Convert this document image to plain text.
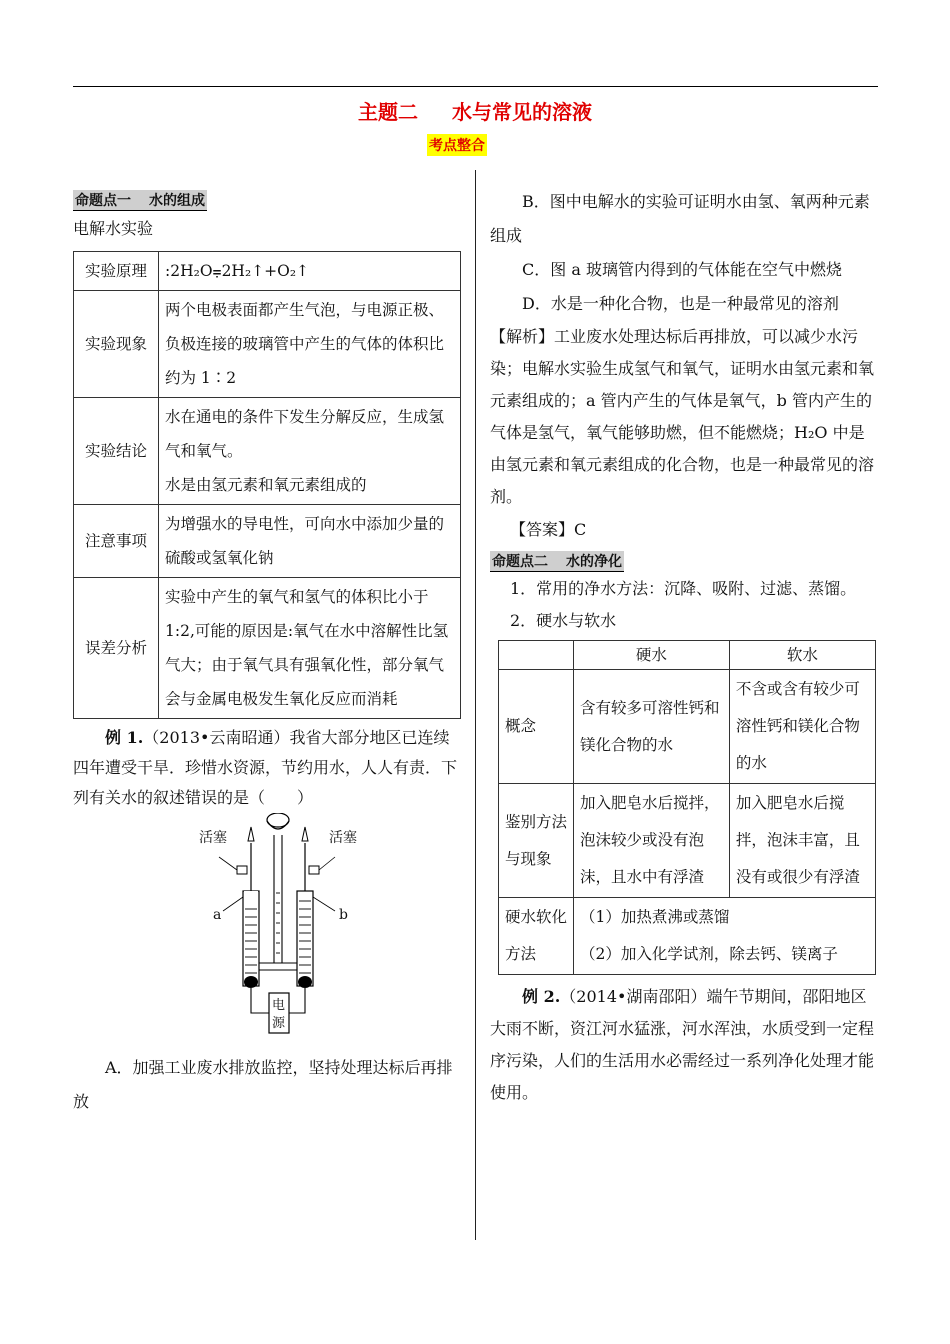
主题二 水与常见的溶液
考点整合
命题点一 水的组成

电解水实验

实验原理	:2H₂O⩦2H₂↑+O₂↑
实验现象	两个电极表面都产生气泡，与电源正极、负极连接的玻璃管中产生的气体的体积比约为 1∶2
实验结论	水在通电的条件下发生分解反应，生成氢气和氧气。
水是由氢元素和氧元素组成的

注意事项	为增强水的导电性，可向水中添加少量的硫酸或氢氧化钠
误差分析	实验中产生的氧气和氢气的体积比小于 1:2,可能的原因是:氧气在水中溶解性比氢气大；由于氧气具有强氧化性，部分氧气会与金属电极发生氧化反应而消耗

例 1.（2013•云南昭通）我省大部分地区已连续四年遭受干旱．珍惜水资源，节约用水，人人有责．下列有关水的叙述错误的是（　　）

活塞	活塞
a	b
电
源

A．加强工业废水排放监控，坚持处理达标后再排放

B．图中电解水的实验可证明水由氢、氧两种元素组成

C．图 a 玻璃管内得到的气体能在空气中燃烧

D．水是一种化合物，也是一种最常见的溶剂

【解析】工业废水处理达标后再排放，可以减少水污染；电解水实验生成氢气和氧气，证明水由氢元素和氧元素组成的；a 管内产生的气体是氧气，b 管内产生的气体是氢气，氧气能够助燃，但不能燃烧；H₂O 中是由氢元素和氧元素组成的化合物，也是一种最常见的溶剂。

【答案】C

命题点二 水的净化

1．常用的净水方法：沉降、吸附、过滤、蒸馏。

2．硬水与软水

	硬水	软水
概念	含有较多可溶性钙和镁化合物的水	不含或含有较少可溶性钙和镁化合物的水
鉴别方法与现象	加入肥皂水后搅拌，泡沫较少或没有泡沫，且水中有浮渣	加入肥皂水后搅拌，泡沫丰富，且没有或很少有浮渣
硬水软化方法	（1）加热煮沸或蒸馏
（2）加入化学试剂，除去钙、镁离子	

例 2.（2014•湖南邵阳）端午节期间，邵阳地区大雨不断，资江河水猛涨，河水浑浊，水质受到一定程序污染，人们的生活用水必需经过一系列净化处理才能使用。
